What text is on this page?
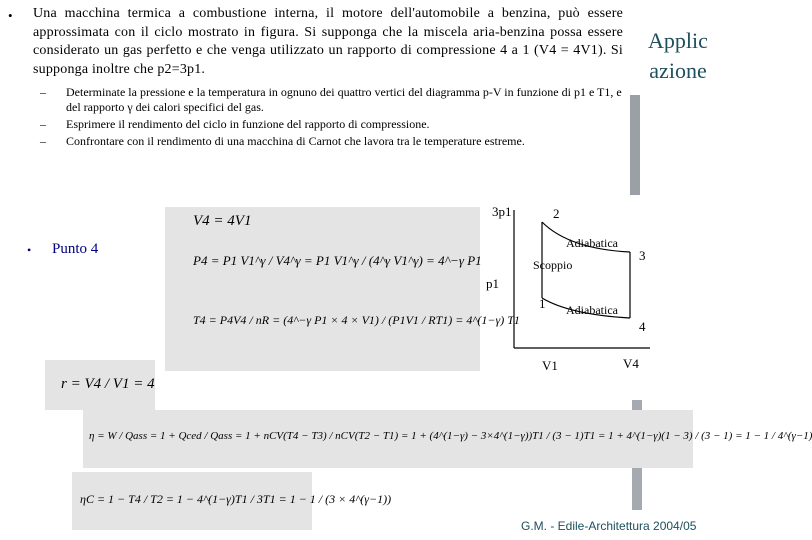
• Una macchina termica a combustione interna, il motore dell'automobile a benzina, può essere approssimata con il ciclo mostrato in figura. Si supponga che la miscela aria-benzina possa essere considerato un gas perfetto e che venga utilizzato un rapporto di compressione 4 a 1 (V4 = 4V1). Si supponga inoltre che p2=3p1.
Applic azione
– Determinate la pressione e la temperatura in ognuno dei quattro vertici del diagramma p-V in funzione di p1 e T1, e del rapporto γ dei calori specifici del gas.
– Esprimere il rendimento del ciclo in funzione del rapporto di compressione.
– Confrontare con il rendimento di una macchina di Carnot che lavora tra le temperature estreme.
• Punto 4
V4 = 4V1
P4 = P1 V1^γ / V4^γ = P1 V1^γ / (4^γ V1^γ) = 4^−γ P1
T4 = P4V4 / nR = (4^−γ P1 × 4 × V1) / (P1V1 / RT1) = 4^(1−γ) T1
r = V4 / V1 = 4
η = W / Qass = 1 + Qced / Qass = 1 + nCV(T4 − T3) / nCV(T2 − T1) = 1 + (4^(1−γ) − 3×4^(1−γ))T1 / (3 − 1)T1 = 1 + 4^(1−γ)(1 − 3) / (3 − 1) = 1 − 1 / 4^(γ−1)
ηC = 1 − T4 / T2 = 1 − 4^(1−γ)T1 / 3T1 = 1 − 1 / (3 × 4^(γ−1))
3p1
p1
V1	V4
2
3
1
4
Adiabatica
Scoppio
Adiabatica
G.M. - Edile-Architettura 2004/05
